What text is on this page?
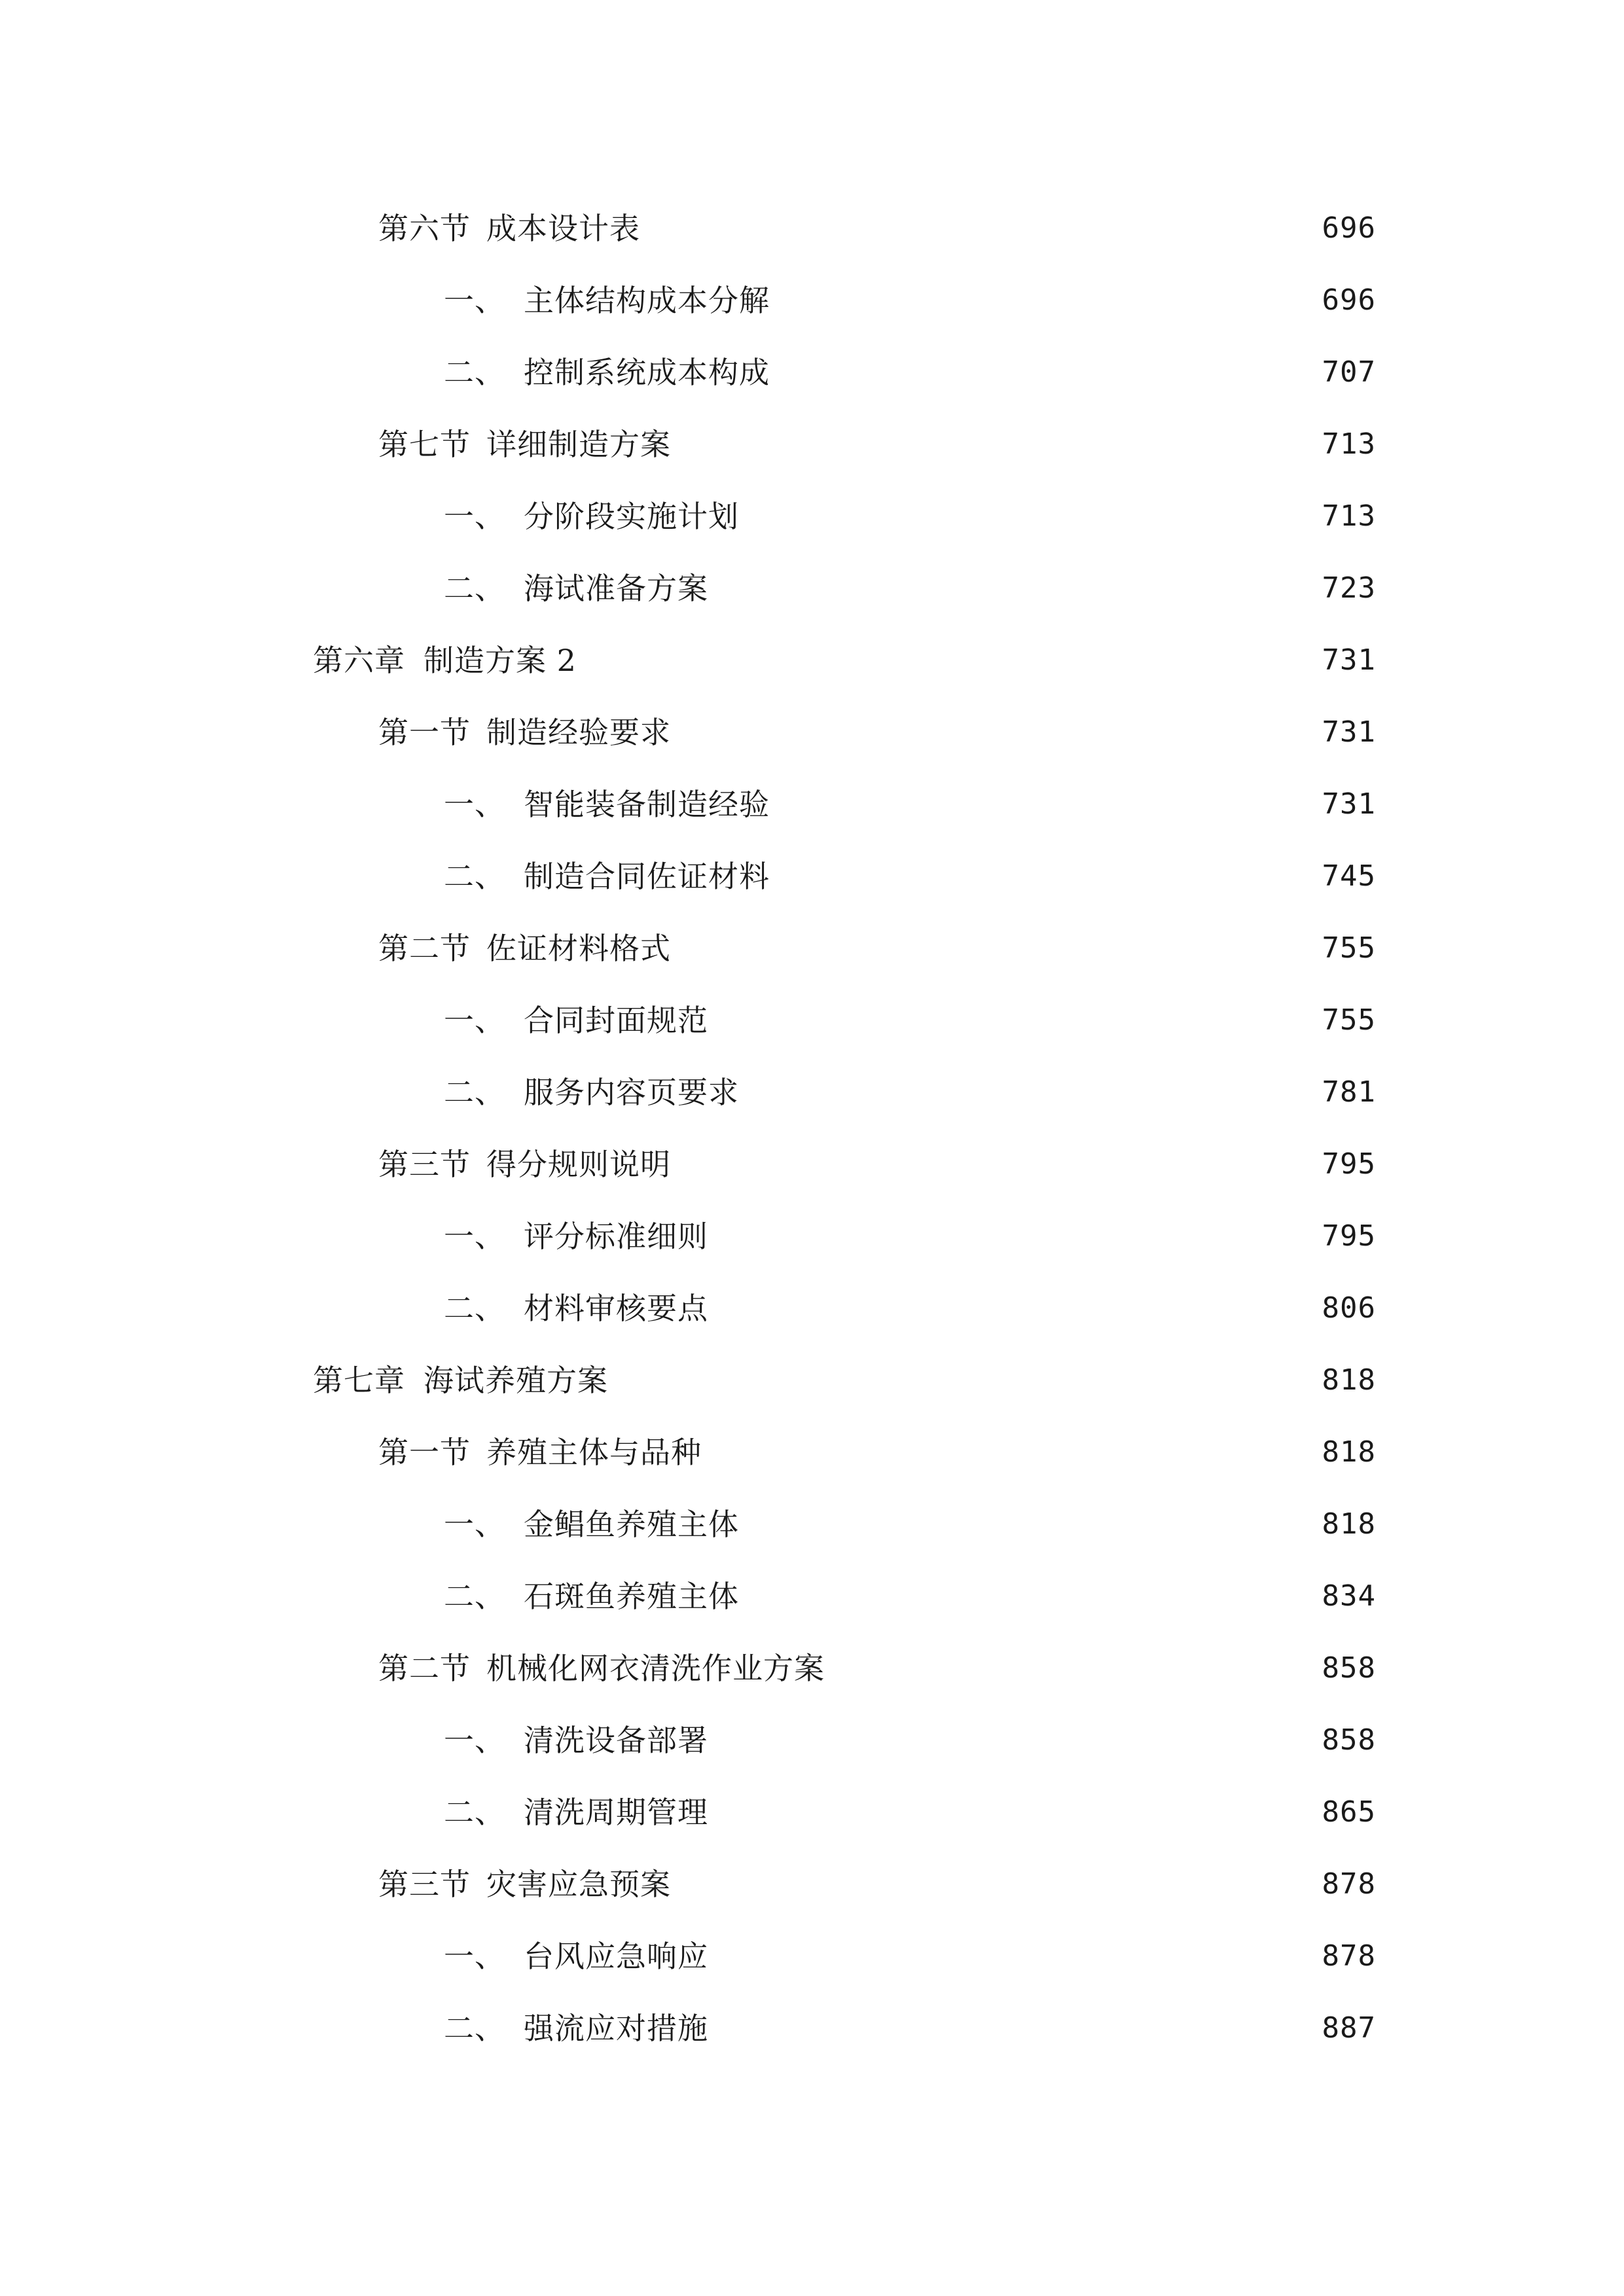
第六节 成本设计表	696
一、 主体结构成本分解	696
二、 控制系统成本构成	707
第七节 详细制造方案	713
一、 分阶段实施计划	713
二、 海试准备方案	723
第六章 制造方案 2	731
第一节 制造经验要求	731
一、 智能装备制造经验	731
二、 制造合同佐证材料	745
第二节 佐证材料格式	755
一、 合同封面规范	755
二、 服务内容页要求	781
第三节 得分规则说明	795
一、 评分标准细则	795
二、 材料审核要点	806
第七章 海试养殖方案	818
第一节 养殖主体与品种	818
一、 金鲳鱼养殖主体	818
二、 石斑鱼养殖主体	834
第二节 机械化网衣清洗作业方案	858
一、 清洗设备部署	858
二、 清洗周期管理	865
第三节 灾害应急预案	878
一、 台风应急响应	878
二、 强流应对措施	887
